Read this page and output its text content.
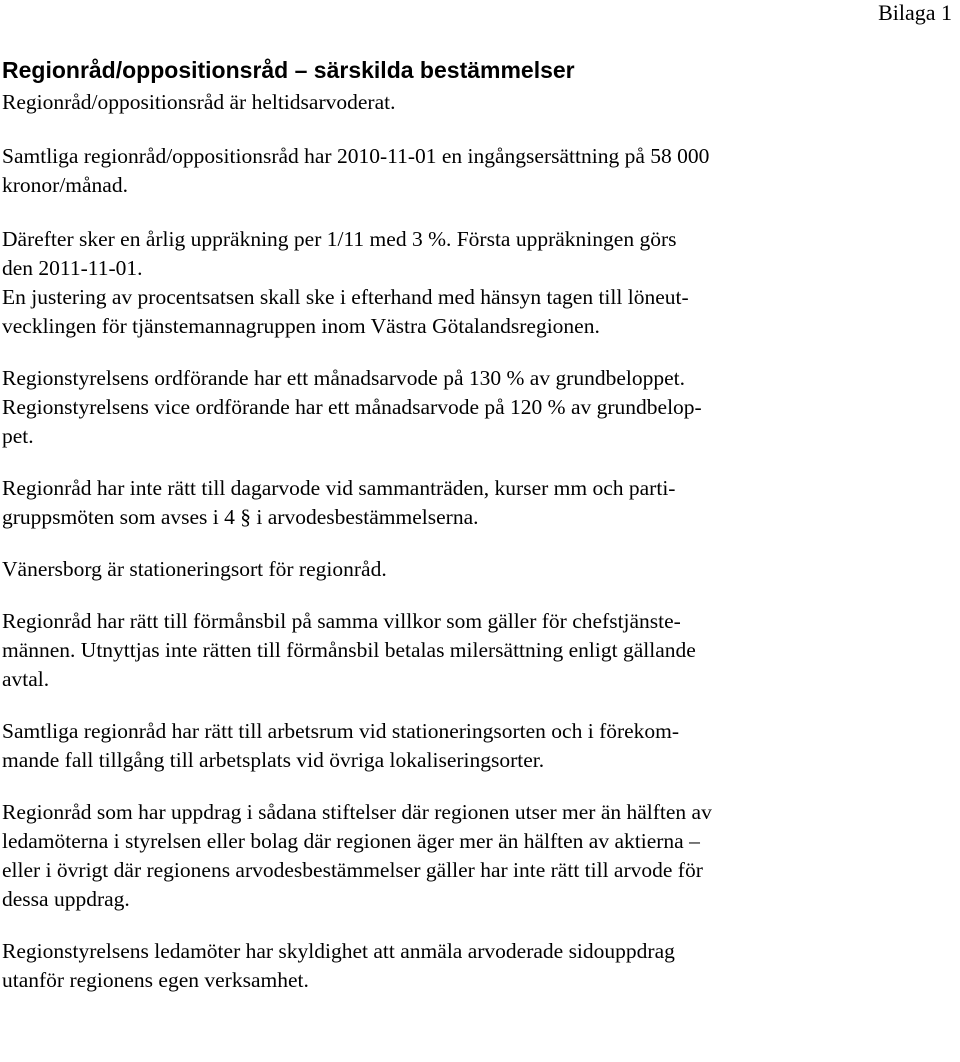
Bilaga 1
Regionråd/oppositionsråd – särskilda bestämmelser

Regionråd/oppositionsråd är heltidsarvoderat.

Samtliga regionråd/oppositionsråd har 2010-11-01 en ingångsersättning på 58 000

kronor/månad.

Därefter sker en årlig uppräkning per 1/11 med 3 %. Första uppräkningen görs

den 2011-11-01.

En justering av procentsatsen skall ske i efterhand med hänsyn tagen till löneut-

vecklingen för tjänstemannagruppen inom Västra Götalandsregionen.

Regionstyrelsens ordförande har ett månadsarvode på 130 % av grundbeloppet.

Regionstyrelsens vice ordförande har ett månadsarvode på 120 % av grundbelop-

pet.

Regionråd har inte rätt till dagarvode vid sammanträden, kurser mm och parti-

gruppsmöten som avses i 4 § i arvodesbestämmelserna.

Vänersborg är stationeringsort för regionråd.

Regionråd har rätt till förmånsbil på samma villkor som gäller för chefstjänste-

männen. Utnyttjas inte rätten till förmånsbil betalas milersättning enligt gällande

avtal.

Samtliga regionråd har rätt till arbetsrum vid stationeringsorten och i förekom-

mande fall tillgång till arbetsplats vid övriga lokaliseringsorter.

Regionråd som har uppdrag i sådana stiftelser där regionen utser mer än hälften av

ledamöterna i styrelsen eller bolag där regionen äger mer än hälften av aktierna –

eller i övrigt där regionens arvodesbestämmelser gäller har inte rätt till arvode för

dessa uppdrag.

Regionstyrelsens ledamöter har skyldighet att anmäla arvoderade sidouppdrag

utanför regionens egen verksamhet.
